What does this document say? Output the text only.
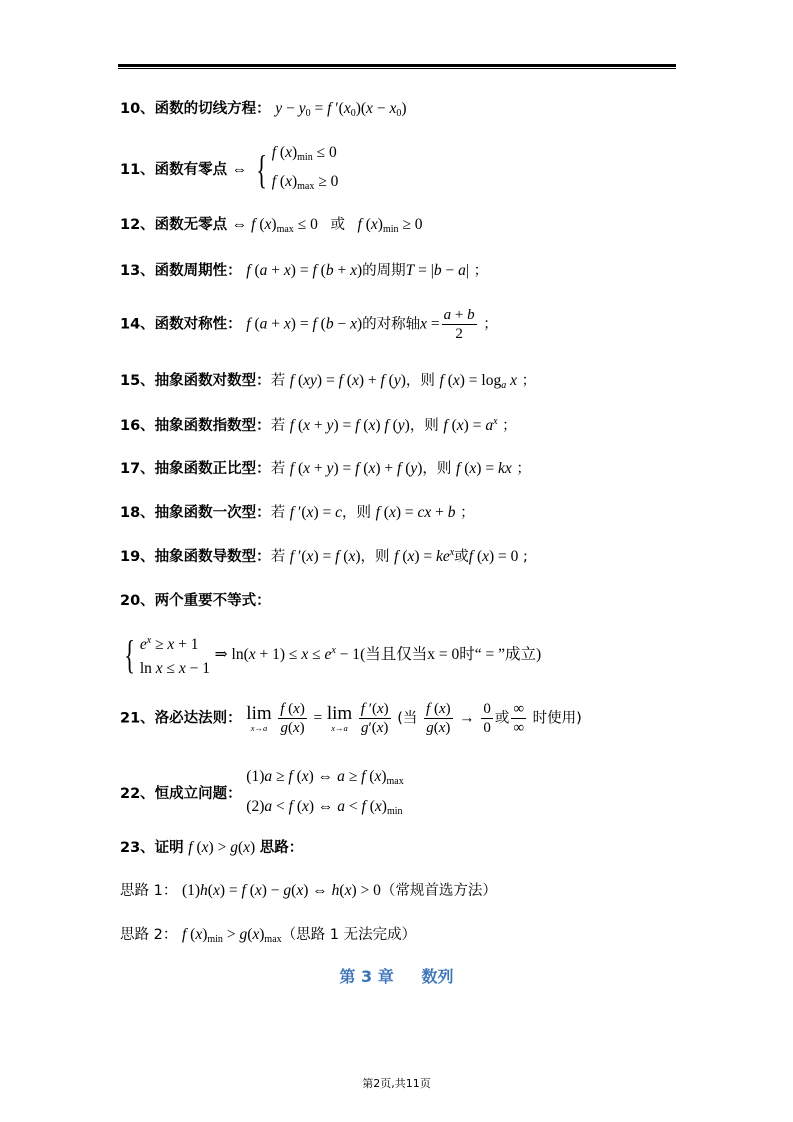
10、函数的切线方程： $y - y_0 = f$ $'(x_0)(x - x_0)$
11、函数有零点 ⇔ { f $(x)_{min} \le 0$
f $(x)_{max} \ge 0$
12、函数无零点 ⇔ f $(x)_{max} \le 0$ 或 f $(x)_{min} \ge 0$
13、函数周期性： f (a + x) = f (b + x)的周期T = |b − a| ；
14、函数对称性： f (a + x) = f (b − x)的对称轴$x = \frac{a + b}{2}$ ；
15、抽象函数对数型：若 f (xy) = f (x) + f (y)，则 f $(x) = \log_a x$ ；
16、抽象函数指数型：若 f (x + y) = f (x) f (y)，则 f $(x) = a^x$ ；
17、抽象函数正比型：若 f (x + y) = f (x) + f (y)，则 f (x) = kx ；
18、抽象函数一次型：若 f ′(x) = c，则 f (x) = cx + b ；
19、抽象函数导数型：若 f ′(x) = f (x)，则 f $(x) = ke^x$或f (x) = 0 ;
20、两个重要不等式：
{ $e^x \ge x + 1$
ln x ≤ x − 1 ⇒ $\ln(x + 1) \le x \le e^x - 1$(当且仅当x = 0时“ = ”成立)
21、洛必达法则： lim
x→a
$\frac{f (x)}{g(x)} = \lim$
x→a
$\frac{f '(x)}{g'(x)}$ (当 $\frac{f (x)}{g(x)} \to \frac{0}{0}$ 或 $\frac{\infty}{\infty}$ 时使用)
22、恒成立问题： (1)a ≥ f (x) ⇔ a ≥ f $(x)_{max}$
(2)a < f (x) ⇔ a < f $(x)_{min}$
23、证明 f (x) > g(x) 思路：
思路 1： (1)h(x) = f (x) − g(x) ⇔ h(x) > 0（常规首选方法）
思路 2： f $(x)_{min} > g(x)_{max}$（思路 1 无法完成）
第 3 章     数列
第2页,共11页
